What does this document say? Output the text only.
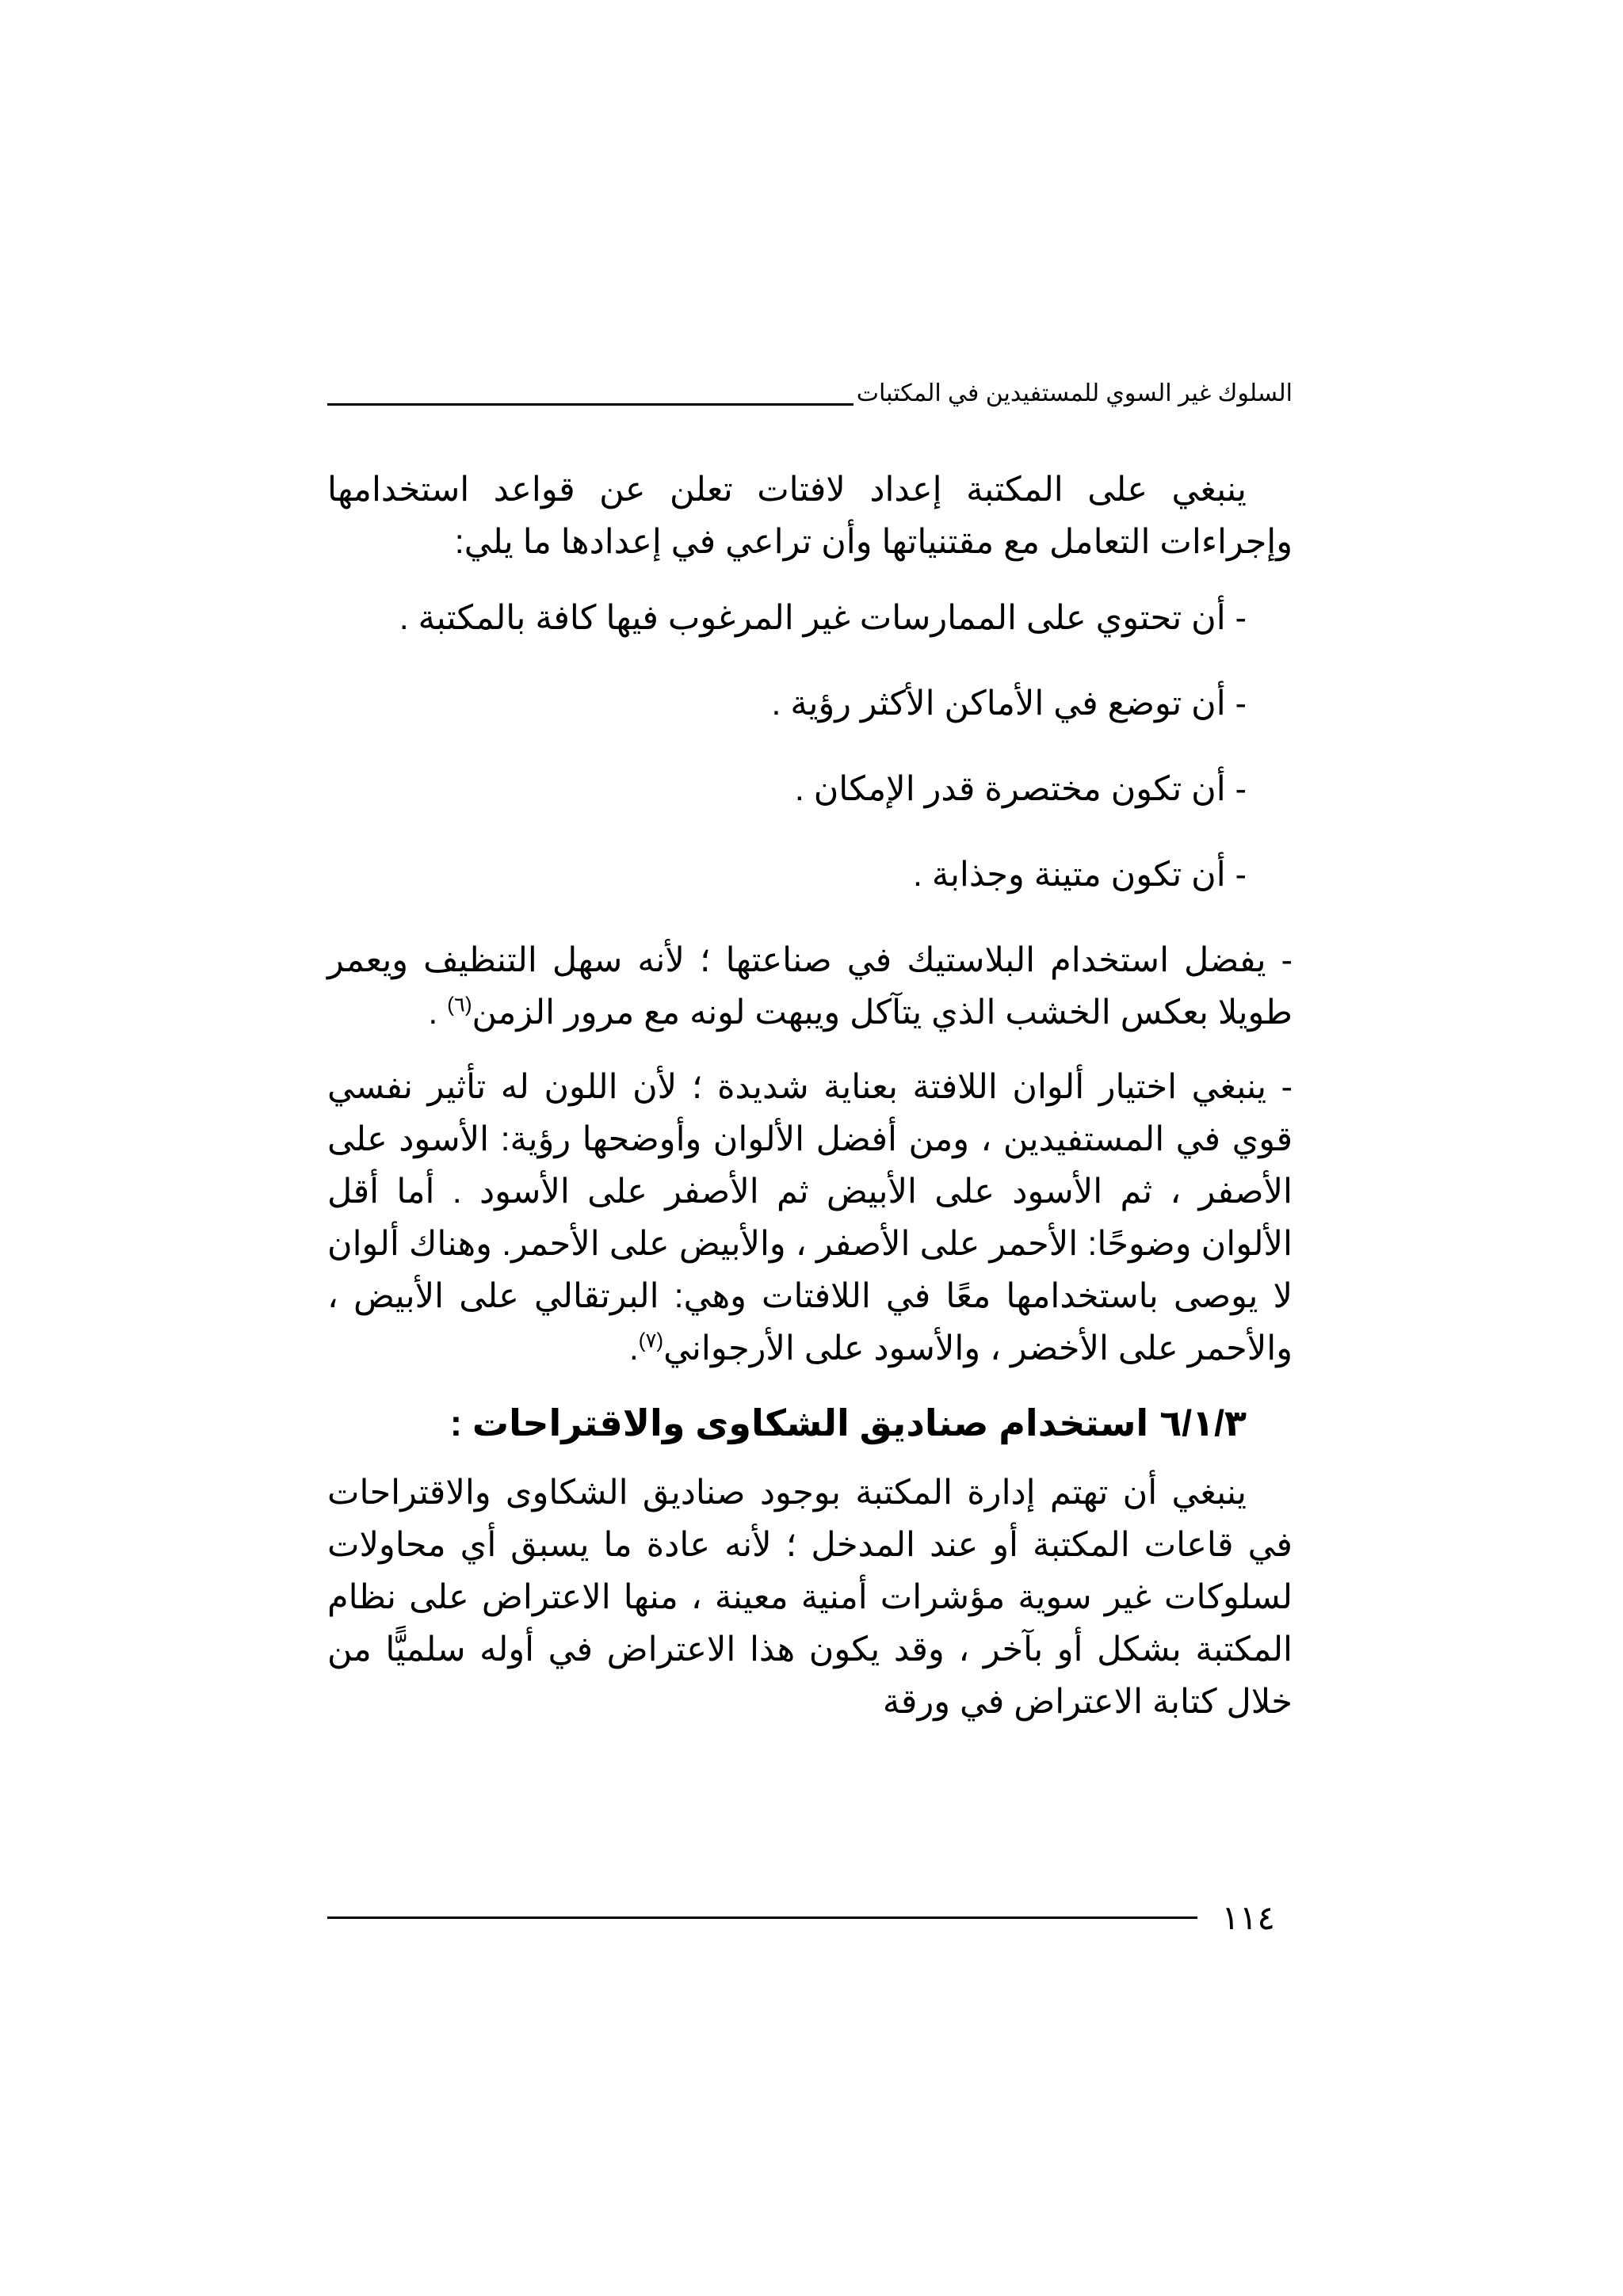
السلوك غير السوي للمستفيدين في المكتبات

ينبغي على المكتبة إعداد لافتات تعلن عن قواعد استخدامها وإجراءات التعامل مع مقتنياتها وأن تراعي في إعدادها ما يلي:

-أن تحتوي على الممارسات غير المرغوب فيها كافة بالمكتبة .
-أن توضع في الأماكن الأكثر رؤية .
-أن تكون مختصرة قدر الإمكان .
-أن تكون متينة وجذابة .

- يفضل استخدام البلاستيك في صناعتها ؛ لأنه سهل التنظيف ويعمر طويلا بعكس الخشب الذي يتآكل ويبهت لونه مع مرور الزمن$^{(٦)}$ .

- ينبغي اختيار ألوان اللافتة بعناية شديدة ؛ لأن اللون له تأثير نفسي قوي في المستفيدين ، ومن أفضل الألوان وأوضحها رؤية: الأسود على الأصفر ، ثم الأسود على الأبيض ثم الأصفر على الأسود . أما أقل الألوان وضوحًا: الأحمر على الأصفر ، والأبيض على الأحمر. وهناك ألوان لا يوصى باستخدامها معًا في اللافتات وهي: البرتقالي على الأبيض ، والأحمر على الأخضر ، والأسود على الأرجواني$^{(٧)}$.

٦/١/٣استخدام صناديق الشكاوى والاقتراحات :

ينبغي أن تهتم إدارة المكتبة بوجود صناديق الشكاوى والاقتراحات في قاعات المكتبة أو عند المدخل ؛ لأنه عادة ما يسبق أي محاولات لسلوكات غير سوية مؤشرات أمنية معينة ، منها الاعتراض على نظام المكتبة بشكل أو بآخر ، وقد يكون هذا الاعتراض في أوله سلميًّا من خلال كتابة الاعتراض في ورقة

١١٤
